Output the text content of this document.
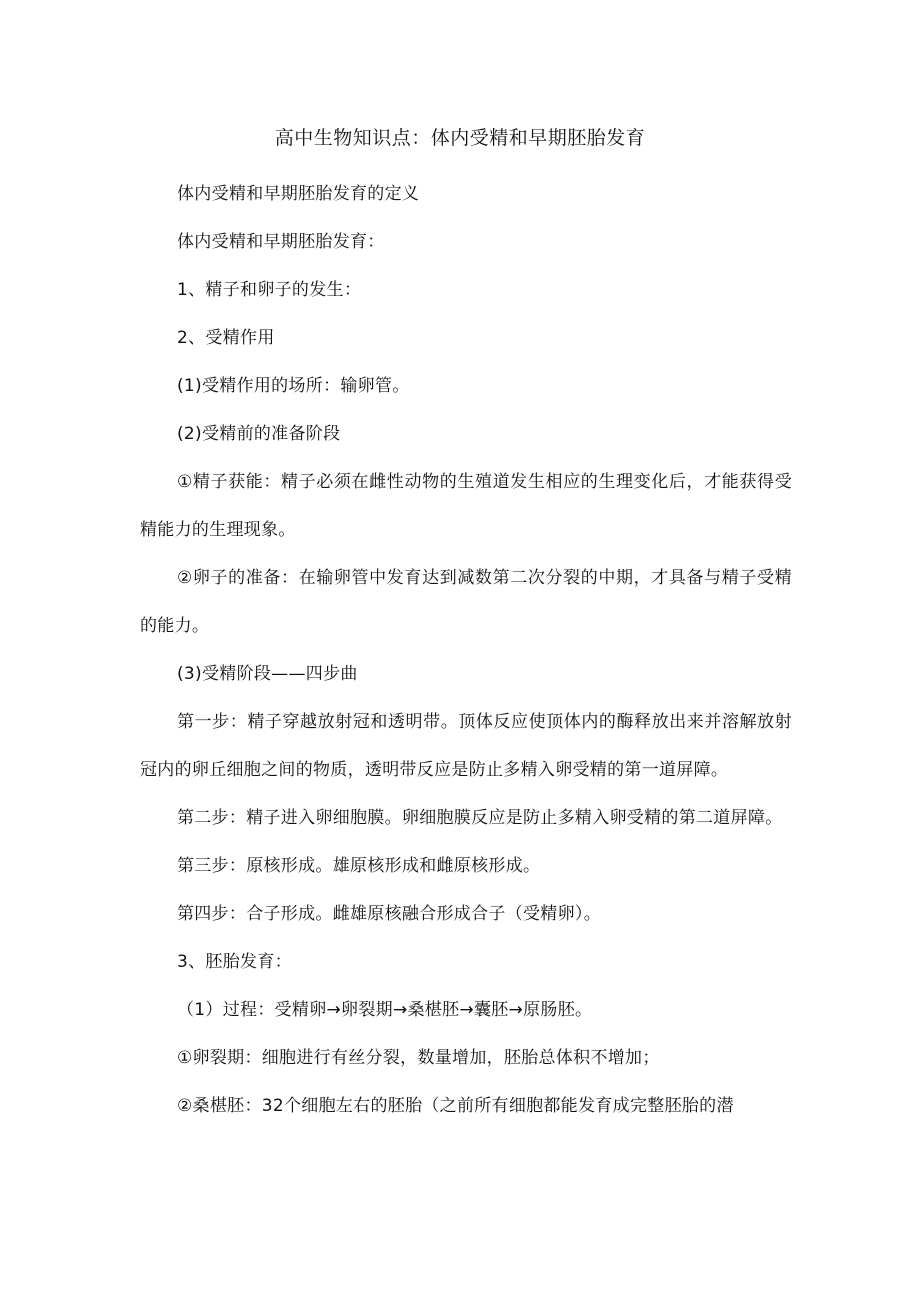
高中生物知识点：体内受精和早期胚胎发育

体内受精和早期胚胎发育的定义

体内受精和早期胚胎发育：

1、精子和卵子的发生：

2、受精作用

(1)受精作用的场所：输卵管。

(2)受精前的准备阶段

①精子获能：精子必须在雌性动物的生殖道发生相应的生理变化后，才能获得受精能力的生理现象。

②卵子的准备：在输卵管中发育达到减数第二次分裂的中期，才具备与精子受精的能力。

(3)受精阶段——四步曲

第一步：精子穿越放射冠和透明带。顶体反应使顶体内的酶释放出来并溶解放射冠内的卵丘细胞之间的物质，透明带反应是防止多精入卵受精的第一道屏障。

第二步：精子进入卵细胞膜。卵细胞膜反应是防止多精入卵受精的第二道屏障。

第三步：原核形成。雄原核形成和雌原核形成。

第四步：合子形成。雌雄原核融合形成合子（受精卵）。

3、胚胎发育：

（1）过程：受精卵→卵裂期→桑椹胚→囊胚→原肠胚。

①卵裂期：细胞进行有丝分裂，数量增加，胚胎总体积不增加；

②桑椹胚：32个细胞左右的胚胎（之前所有细胞都能发育成完整胚胎的潜
